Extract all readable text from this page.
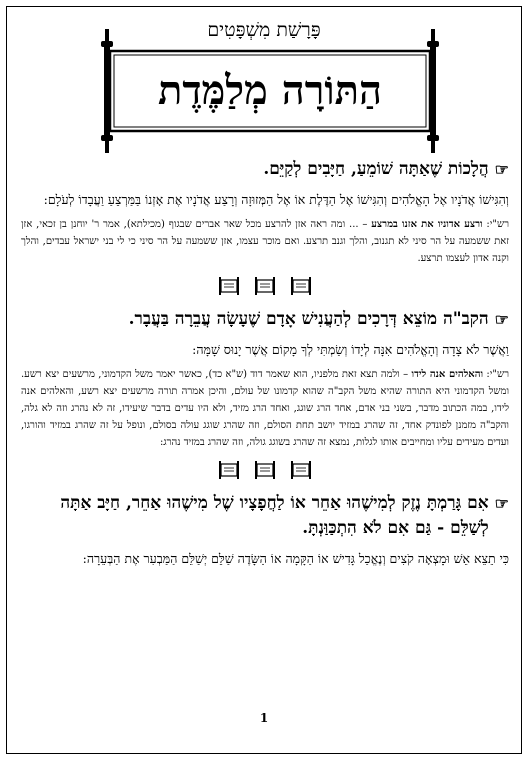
פָּרָשַׁת מִשְׁפָּטִים
הַתּוֹרָה מְלַמֶּדֶת
☞
הֲלָכוֹת שֶׁאַתָּה שׁוֹמֵעַ, חַיָּבִים לְקַיֵּם.
וְהִגִּישׁוֹ אֲדֹנָיו אֶל הָאֱלֹהִים וְהִגִּישׁוֹ אֶל הַדֶּלֶת אוֹ אֶל הַמְּזוּזָה וְרָצַע אֲדֹנָיו אֶת אָזְנוֹ בַּמַּרְצֵעַ וַעֲבָדוֹ לְעֹלָם:
רש"י: ורצע אדוניו את אזנו במרצע – ... ומה ראה אזן להרצע מכל שאר אברים שבגוף (מכילתא), אמר ר' יוחנן בן זכאי, אזן זאת ששמעה על הר סיני לא תגנוב, והלך וגנב תרצע. ואם מוכר עצמו, אזן ששמעה על הר סיני כי לי בני ישראל עבדים, והלך וקנה אדון לעצמו תרצע.
☞
הקב"ה מוֹצֵא דְּרָכִים לְהַעֲנִישׁ אָדָם שֶׁעָשָׂה עֲבֵרָה בַּעֲבָר.
וַאֲשֶׁר לֹא צָדָה וְהָאֱלֹהִים אִנָּה לְיָדוֹ וְשַׂמְתִּי לְךָ מָקוֹם אֲשֶׁר יָנוּס שָׁמָּה:
רש"י: והאלהים אנה לידו – ולמה תצא זאת מלפניו, הוא שאמר דוד (ש"א כד), כאשר יאמר משל הקדמוני, מרשעים יצא רשע. ומשל הקדמוני היא התורה שהיא משל הקב"ה שהוא קדמונו של עולם, והיכן אמרה תורה מרשעים יצא רשע, והאלהים אנה לידו, במה הכתוב מדבר, בשני בני אדם, אחד הרג שוגג, ואחד הרג מזיד, ולא היו עדים בדבר שיעידו, זה לא נהרג וזה לא גלה, והקב"ה מזמנן לפונדק אחד, זה שהרג במזיד יושב תחת הסולם, וזה שהרג שוגג עולה בסולם, ונופל על זה שהרג במזיד והורגו, ועדים מעידים עליו ומחייבים אותו לגלות, נמצא זה שהרג בשוגג גולה, וזה שהרג במזיד נהרג:
☞
אִם גָּרַמְתָּ נֶזֶק לְמִישֶׁהוּ אַחֵר אוֹ לַחֲפָצָיו שֶׁל מִישֶׁהוּ אַחֵר, חַיָּב אַתָּה לְשַׁלֵּם - גַּם אִם לֹא הִתְכַּוַּנְתָּ.
כִּי תֵצֵא אֵשׁ וּמָצְאָה קֹצִים וְנֶאֱכַל גָּדִישׁ אוֹ הַקָּמָה אוֹ הַשָּׂדֶה שַׁלֵּם יְשַׁלֵּם הַמַּבְעִר אֶת הַבְּעֵרָה:
1
